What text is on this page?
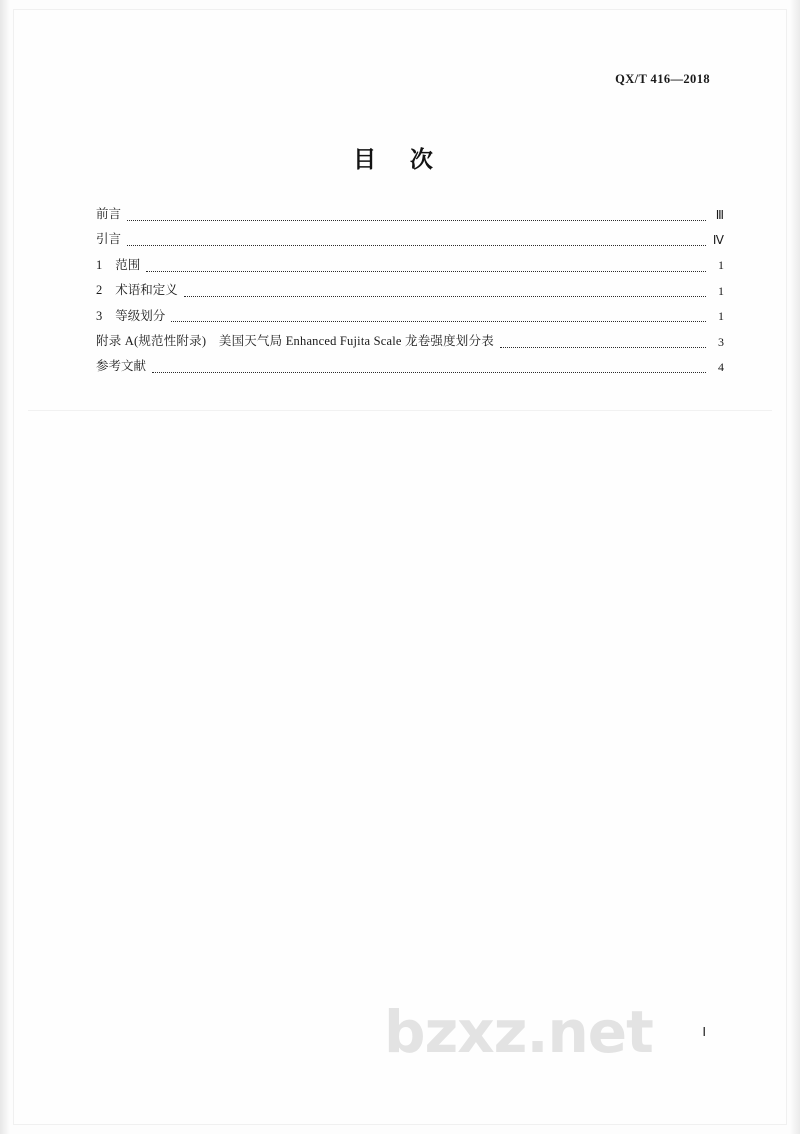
QX/T 416—2018
目 次
前言	Ⅲ
引言	Ⅳ
1 范围	1
2 术语和定义	1
3 等级划分	1
附录 A(规范性附录)　美国天气局 Enhanced Fujita Scale 龙卷强度划分表	3
参考文献	4
bzxz.net	Ⅰ
